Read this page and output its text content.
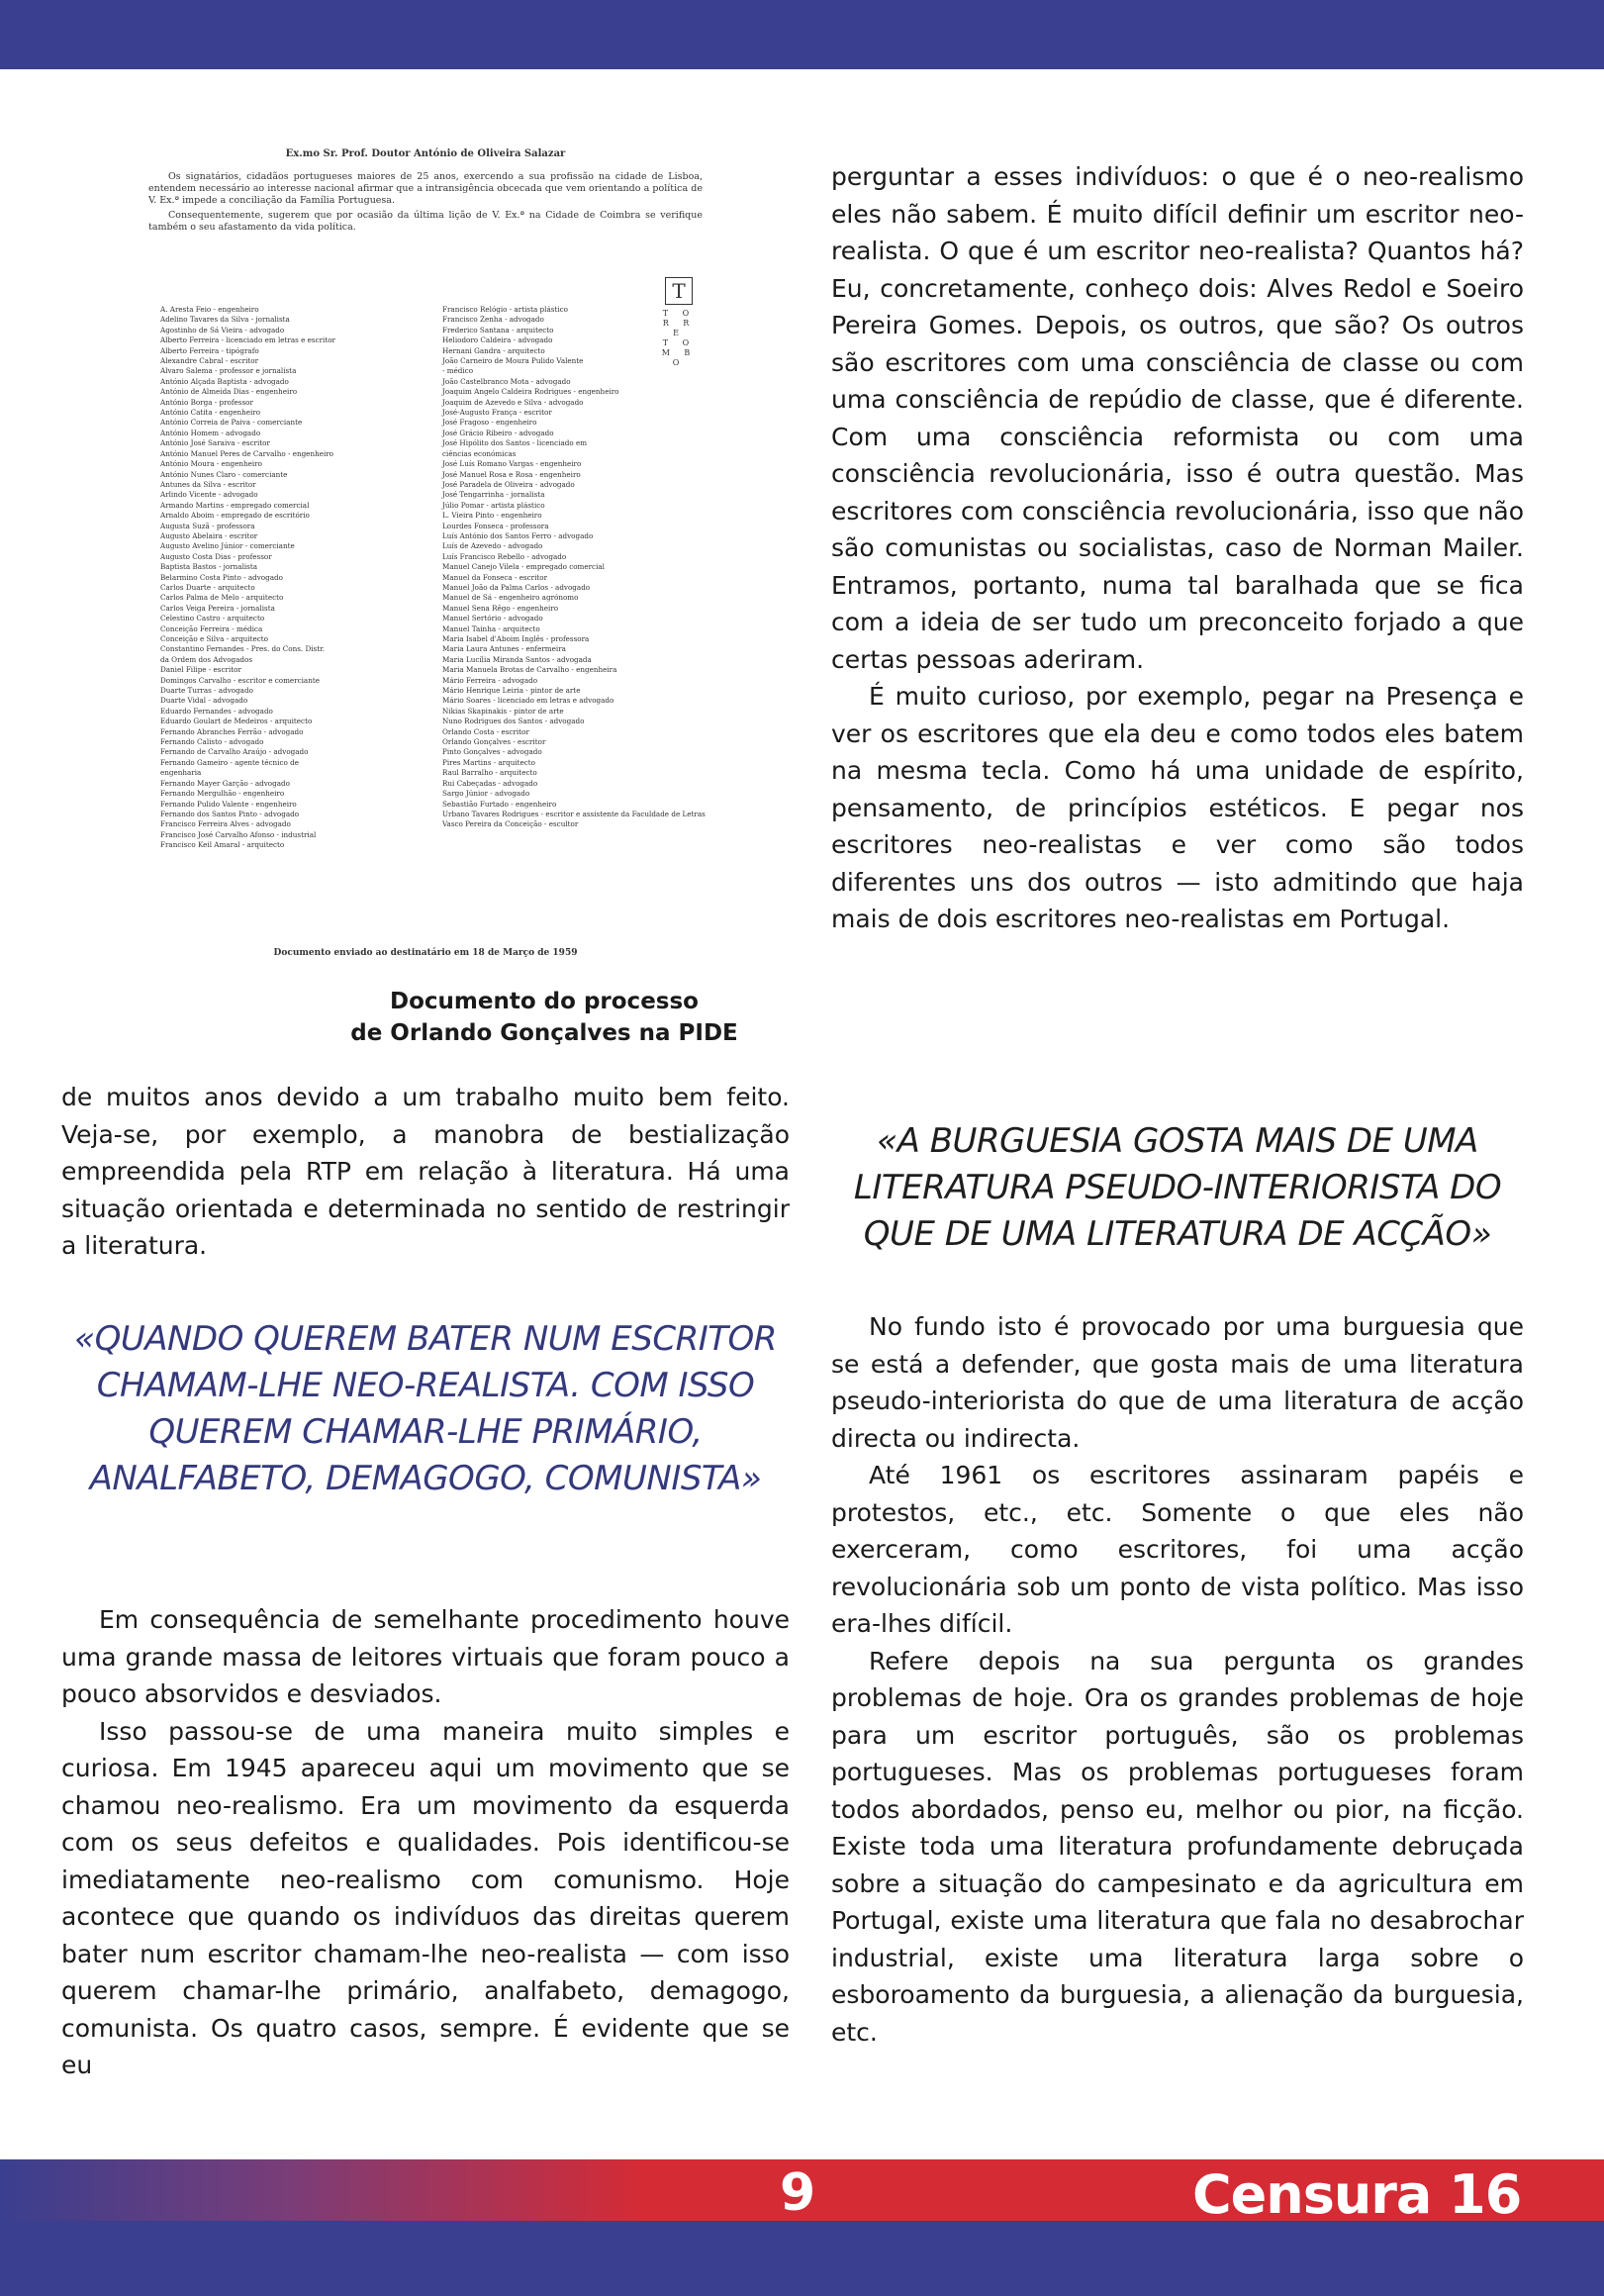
Ex.mo Sr. Prof. Doutor António de Oliveira Salazar

Os signatários, cidadãos portugueses maiores de 25 anos, exercendo a sua profissão na cidade de Lisboa, entendem necessário ao interesse nacional afirmar que a intransigência obcecada que vem orientando a política de V. Ex.ª impede a conciliação da Família Portuguesa.

Consequentemente, sugerem que por ocasião da última lição de V. Ex.ª na Cidade de Coimbra se verifique também o seu afastamento da vida política.

T
T O R R E
T O M B O
A. Aresta Feio - engenheiro
Adelino Tavares da Silva - jornalista
Agostinho de Sá Vieira - advogado
Alberto Ferreira - licenciado em letras e escritor
Alberto Ferreira - tipógrafo
Alexandre Cabral - escritor
Alvaro Salema - professor e jornalista
António Alçada Baptista - advogado
António de Almeida Dias - engenheiro
António Borga - professor
António Catita - engenheiro
António Correia de Paiva - comerciante
António Homem - advogado
António José Saraiva - escritor
António Manuel Peres de Carvalho - engenheiro
António Moura - engenheiro
António Nunes Claro - comerciante
Antunes da Silva - escritor
Arlindo Vicente - advogado
Armando Martins - empregado comercial
Arnaldo Aboim - empregado de escritório
Augusta Suzã - professora
Augusto Abelaira - escritor
Augusto Avelino Júnior - comerciante
Augusto Costa Dias - professor
Baptista Bastos - jornalista
Belarmino Costa Pinto - advogado
Carlos Duarte - arquitecto
Carlos Palma de Melo - arquitecto
Carlos Veiga Pereira - jornalista
Celestino Castro - arquitecto
Conceição Ferreira - médica
Conceição e Silva - arquitecto
Constantino Fernandes - Pres. do Cons. Distr.
da Ordem dos Advogados
Daniel Filipe - escritor
Domingos Carvalho - escritor e comerciante
Duarte Turras - advogado
Duarte Vidal - advogado
Eduardo Fernandes - advogado
Eduardo Goulart de Medeiros - arquitecto
Fernando Abranches Ferrão - advogado
Fernando Calisto - advogado
Fernando de Carvalho Araújo - advogado
Fernando Gameiro - agente técnico de
engenharia
Fernando Mayer Garção - advogado
Fernando Mergulhão - engenheiro
Fernando Pulido Valente - engenheiro
Fernando dos Santos Pinto - advogado
Francisco Ferreira Alves - advogado
Francisco José Carvalho Afonso - industrial
Francisco Keil Amaral - arquitecto
Francisco Relógio - artista plástico
Francisco Zenha - advogado
Frederico Santana - arquitecto
Heliodoro Caldeira - advogado
Hernani Gandra - arquitecto
João Carneiro de Moura Pulido Valente
- médico
João Castelbranco Mota - advogado
Joaquim Angelo Caldeira Rodrigues - engenheiro
Joaquim de Azevedo e Silva - advogado
José-Augusto França - escritor
José Fragoso - engenheiro
José Grácio Ribeiro - advogado
José Hipólito dos Santos - licenciado em
ciências económicas
José Luís Romano Vargas - engenheiro
José Manuel Rosa e Rosa - engenheiro
José Paradela de Oliveira - advogado
José Tengarrinha - jornalista
Júlio Pomar - artista plástico
L. Vieira Pinto - engenheiro
Lourdes Fonseca - professora
Luís António dos Santos Ferro - advogado
Luís de Azevedo - advogado
Luís Francisco Rebello - advogado
Manuel Canejo Vilela - empregado comercial
Manuel da Fonseca - escritor
Manuel João da Palma Carlos - advogado
Manuel de Sá - engenheiro agrónomo
Manuel Sena Rêgo - engenheiro
Manuel Sertório - advogado
Manuel Tainha - arquitecto
Maria Isabel d'Aboim Inglês - professora
Maria Laura Antunes - enfermeira
Maria Lucília Miranda Santos - advogada
Maria Manuela Brotas de Carvalho - engenheira
Mário Ferreira - advogado
Mário Henrique Leiria - pintor de arte
Mário Soares - licenciado em letras e advogado
Nikias Skapinakis - pintor de arte
Nuno Rodrigues dos Santos - advogado
Orlando Costa - escritor
Orlando Gonçalves - escritor
Pinto Gonçalves - advogado
Pires Martins - arquitecto
Raul Barralho - arquitecto
Rui Cabeçadas - advogado
Sargo Júnior - advogado
Sebastião Furtado - engenheiro
Urbano Tavares Rodrigues - escritor e assistente da Faculdade de Letras
Vasco Pereira da Conceição - escultor
Documento enviado ao destinatário em 18 de Março de 1959
Documento do processo
de Orlando Gonçalves na PIDE

de muitos anos devido a um trabalho muito bem feito. Veja-se, por exemplo, a manobra de bestialização empreendida pela RTP em relação à literatura. Há uma situação orientada e determinada no sentido de restringir a literatura.

«QUANDO QUEREM BATER NUM ESCRITOR CHAMAM-LHE NEO-REALISTA. COM ISSO QUEREM CHAMAR-LHE PRIMÁRIO, ANALFABETO, DEMAGOGO, COMUNISTA»

Em consequência de semelhante procedimento houve uma grande massa de leitores virtuais que foram pouco a pouco absorvidos e desviados.

Isso passou-se de uma maneira muito simples e curiosa. Em 1945 apareceu aqui um movimento que se chamou neo-realismo. Era um movimento da esquerda com os seus defeitos e qualidades. Pois identificou-se imediatamente neo-realismo com comunismo. Hoje acontece que quando os indivíduos das direitas querem bater num escritor chamam-lhe neo-realista — com isso querem chamar-lhe primário, analfabeto, demagogo, comunista. Os quatro casos, sempre. É evidente que se eu

perguntar a esses indivíduos: o que é o neo-realismo eles não sabem. É muito difícil definir um escritor neo-realista. O que é um escritor neo-realista? Quantos há? Eu, concretamente, conheço dois: Alves Redol e Soeiro Pereira Gomes. Depois, os outros, que são? Os outros são escritores com uma consciência de classe ou com uma consciência de repúdio de classe, que é diferente. Com uma consciência reformista ou com uma consciência revolucionária, isso é outra questão. Mas escritores com consciência revolucionária, isso que não são comunistas ou socialistas, caso de Norman Mailer. Entramos, portanto, numa tal baralhada que se fica com a ideia de ser tudo um preconceito forjado a que certas pessoas aderiram.

É muito curioso, por exemplo, pegar na Presença e ver os escritores que ela deu e como todos eles batem na mesma tecla. Como há uma unidade de espírito, pensamento, de princípios estéticos. E pegar nos escritores neo-realistas e ver como são todos diferentes uns dos outros — isto admitindo que haja mais de dois escritores neo-realistas em Portugal.

«A BURGUESIA GOSTA MAIS DE UMA LITERATURA PSEUDO-INTERIORISTA DO QUE DE UMA LITERATURA DE ACÇÃO»

No fundo isto é provocado por uma burguesia que se está a defender, que gosta mais de uma literatura pseudo-interiorista do que de uma literatura de acção directa ou indirecta.

Até 1961 os escritores assinaram papéis e protestos, etc., etc. Somente o que eles não exerceram, como escritores, foi uma acção revolucionária sob um ponto de vista político. Mas isso era-lhes difícil.

Refere depois na sua pergunta os grandes problemas de hoje. Ora os grandes problemas de hoje para um escritor português, são os problemas portugueses. Mas os problemas portugueses foram todos abordados, penso eu, melhor ou pior, na ficção. Existe toda uma literatura profundamente debruçada sobre a situação do campesinato e da agricultura em Portugal, existe uma literatura que fala no desabrochar industrial, existe uma literatura larga sobre o esboroamento da burguesia, a alienação da burguesia, etc.

9	Censura 16
